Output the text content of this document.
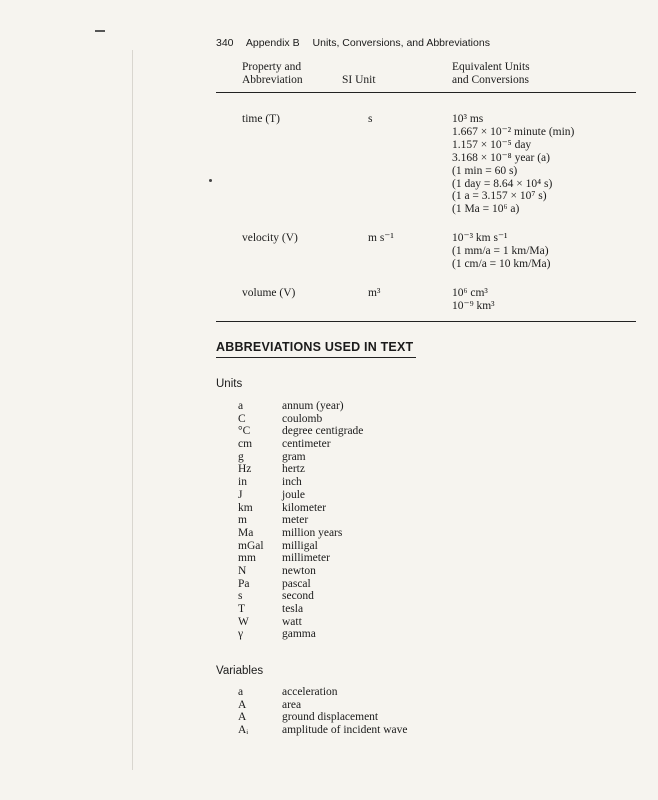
340 Appendix B Units, Conversions, and Abbreviations
Property and
Abbreviation	SI Unit
Equivalent Units
and Conversions
time (T)	s	10³ ms
1.667 × 10⁻² minute (min)
1.157 × 10⁻⁵ day
3.168 × 10⁻⁸ year (a)
(1 min = 60 s)
(1 day = 8.64 × 10⁴ s)
(1 a = 3.157 × 10⁷ s)
(1 Ma = 10⁶ a)
velocity (V)	m s⁻¹	10⁻³ km s⁻¹
(1 mm/a = 1 km/Ma)
(1 cm/a = 10 km/Ma)
volume (V)	m³	10⁶ cm³
10⁻⁹ km³
ABBREVIATIONS USED IN TEXT
Units
a	annum (year)
C	coulomb
°C	degree centigrade
cm	centimeter
g	gram
Hz	hertz
in	inch
J	joule
km	kilometer
m	meter
Ma million years
mGal milligal
mm millimeter
N	newton
Pa	pascal
s	second
T	tesla
W	watt
γ	gamma
Variables
a	acceleration
A	area
A	ground displacement
Aᵢ	amplitude of incident wave
